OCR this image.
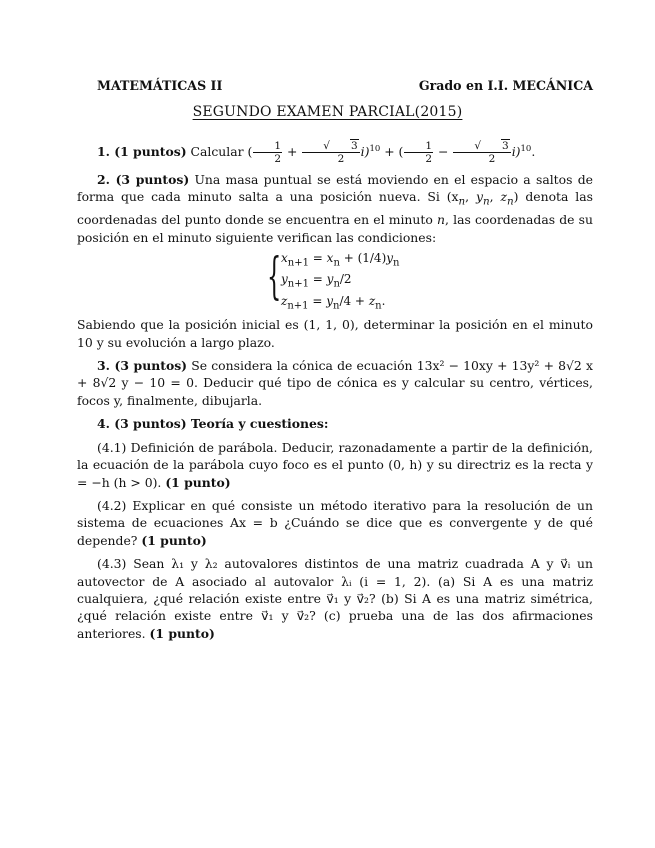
MATEMÁTICAS II	Grado en I.I. MECÁNICA
SEGUNDO EXAMEN PARCIAL(2015)
1. (1 puntos) Calcular ( $\frac{1}{2} + \frac{√ 3}{2} i)^{10}$ + ( $\frac{1}{2} - \frac{√ 3}{2} i)^{10}$.
2. (3 puntos) Una masa puntual se está moviendo en el espacio a saltos de forma que cada minuto salta a una posición nueva. Si ($x_n$, $y_n$, $z_n$) denota las coordenadas del punto donde se encuentra en el minuto n, las coordenadas de su posición en el minuto siguiente verifican las condiciones:
{ $x_{n+1} = x_n + (1/4)y_n$
$y_{n+1} = y_n/2$
$z_{n+1} = y_n/4 + z_n$.
Sabiendo que la posición inicial es (1, 1, 0), determinar la posición en el minuto 10 y su evolución a largo plazo.
3. (3 puntos) Se considera la cónica de ecuación 13x² − 10xy + 13y² + 8√2 x + 8√2 y − 10 = 0. Deducir qué tipo de cónica es y calcular su centro, vértices, focos y, finalmente, dibujarla.
4. (3 puntos) Teoría y cuestiones:
(4.1) Definición de parábola. Deducir, razonadamente a partir de la definición, la ecuación de la parábola cuyo foco es el punto (0, h) y su directriz es la recta y = −h (h > 0). (1 punto)
(4.2) Explicar en qué consiste un método iterativo para la resolución de un sistema de ecuaciones Ax = b ¿Cuándo se dice que es convergente y de qué depende? (1 punto)
(4.3) Sean λ₁ y λ₂ autovalores distintos de una matriz cuadrada A y v⃗ᵢ un autovector de A asociado al autovalor λᵢ (i = 1, 2). (a) Si A es una matriz cualquiera, ¿qué relación existe entre v⃗₁ y v⃗₂? (b) Si A es una matriz simétrica, ¿qué relación existe entre v⃗₁ y v⃗₂? (c) prueba una de las dos afirmaciones anteriores. (1 punto)
